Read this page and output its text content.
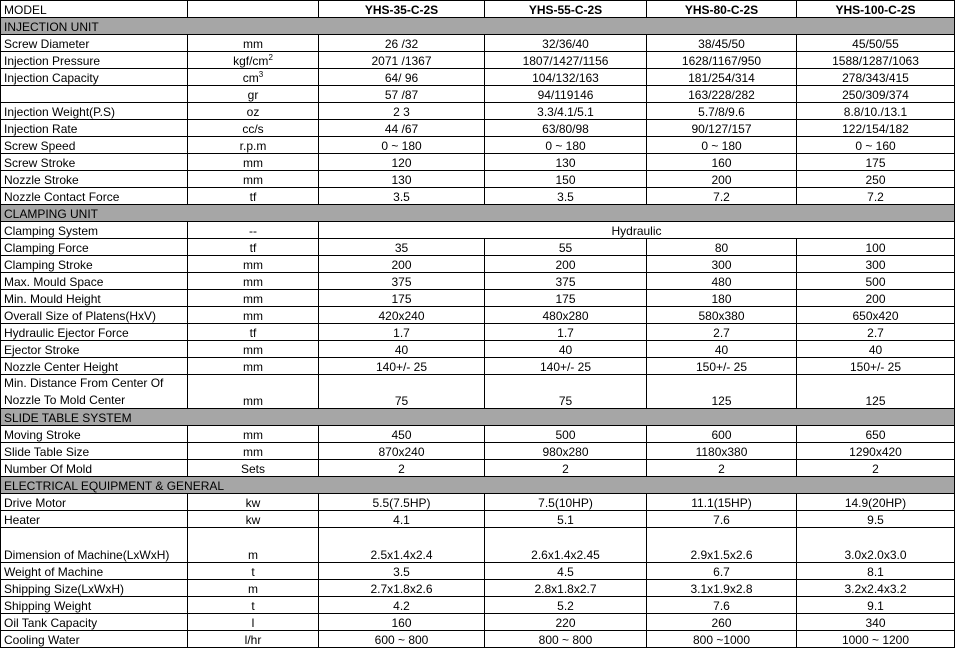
MODEL		YHS-35-C-2S	YHS-55-C-2S	YHS-80-C-2S	YHS-100-C-2S
INJECTION UNIT					
Screw Diameter	mm	26 /32	32/36/40	38/45/50	45/50/55
Injection Pressure	kgf/$cm^2$	2071 /1367	1807/1427/1156	1628/1167/950	1588/1287/1063
Injection Capacity	$cm^3$	64/ 96	104/132/163	181/254/314	278/343/415
	gr	57 /87	94/119146	163/228/282	250/309/374
Injection Weight(P.S)	oz	2 3	3.3/4.1/5.1	5.7/8/9.6	8.8/10./13.1
Injection Rate	cc/s	44 /67	63/80/98	90/127/157	122/154/182
Screw Speed	r.p.m	0 ~ 180	0 ~ 180	0 ~ 180	0 ~ 160
Screw Stroke	mm	120	130	160	175
Nozzle Stroke	mm	130	150	200	250
Nozzle Contact Force	tf	3.5	3.5	7.2	7.2
CLAMPING UNIT					
Clamping System	--	Hydraulic			
Clamping Force	tf	35	55	80	100
Clamping Stroke	mm	200	200	300	300
Max. Mould Space	mm	375	375	480	500
Min. Mould Height	mm	175	175	180	200
Overall Size of Platens(HxV)	mm	420x240	480x280	580x380	650x420
Hydraulic Ejector Force	tf	1.7	1.7	2.7	2.7
Ejector Stroke	mm	40	40	40	40
Nozzle Center Height	mm	140+/- 25	140+/- 25	150+/- 25	150+/- 25

Min. Distance From Center Of
Nozzle To Mold Center	mm	75	75	125	125
SLIDE TABLE SYSTEM					
Moving Stroke	mm	450	500	600	650
Slide Table Size	mm	870x240	980x280	1180x380	1290x420
Number Of Mold	Sets	2	2	2	2
ELECTRICAL EQUIPMENT & GENERAL					
Drive Motor	kw	5.5(7.5HP)	7.5(10HP)	11.1(15HP)	14.9(20HP)
Heater	kw	4.1	5.1	7.6	9.5
Dimension of Machine(LxWxH)	m	2.5x1.4x2.4	2.6x1.4x2.45	2.9x1.5x2.6	3.0x2.0x3.0
Weight of Machine	t	3.5	4.5	6.7	8.1
Shipping Size(LxWxH)	m	2.7x1.8x2.6	2.8x1.8x2.7	3.1x1.9x2.8	3.2x2.4x3.2
Shipping Weight	t	4.2	5.2	7.6	9.1
Oil Tank Capacity	l	160	220	260	340
Cooling Water	l/hr	600 ~ 800	800 ~ 800	800 ~1000	1000 ~ 1200
